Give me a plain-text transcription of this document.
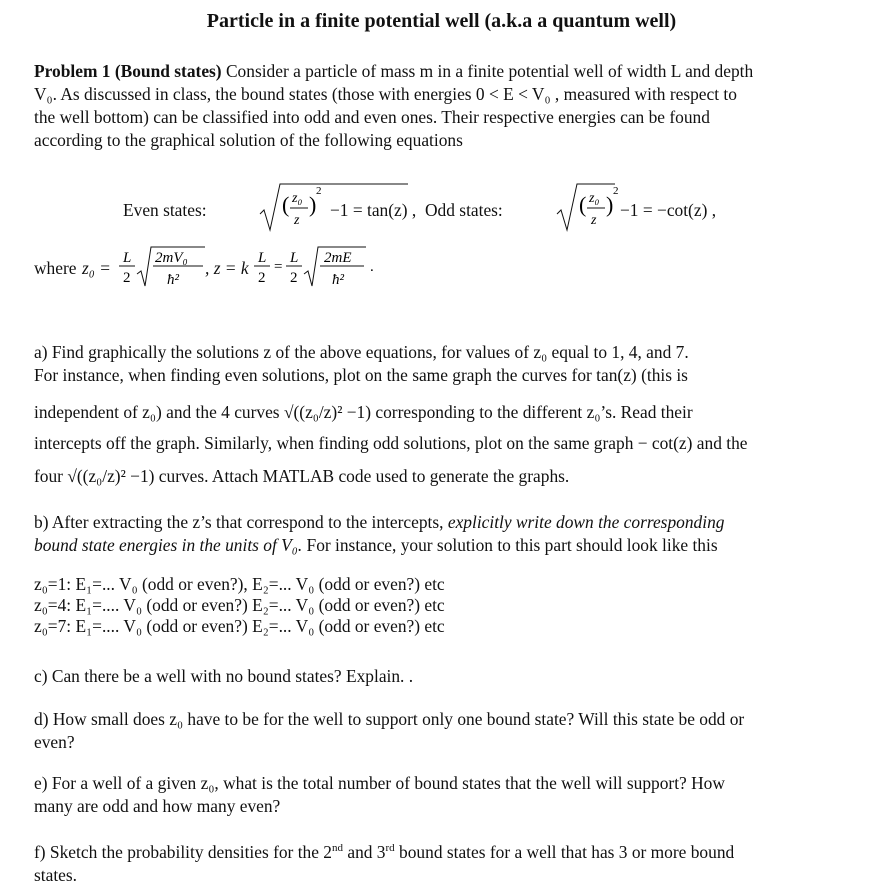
Particle in a finite potential well (a.k.a a quantum well)
Problem 1 (Bound states) Consider a particle of mass m in a finite potential well of width L and depth
V₀. As discussed in class, the bound states (those with energies 0 < E < V₀ , measured with respect to
the well bottom) can be classified into odd and even ones. Their respective energies can be found
according to the graphical solution of the following equations
Even states:	( z₀
z
)
2
−1 = tan(z) , Odd states:	( z₀
z
)
2
−1 = −cot(z) ,
where z₀ = L
2
2mV₀
ħ²
, z = k L
2
=
L
2
2mE
ħ²
.
a) Find graphically the solutions z of the above equations, for values of z₀ equal to 1, 4, and 7.
For instance, when finding even solutions, plot on the same graph the curves for tan(z) (this is
independent of z₀) and the 4 curves √((z₀/z)² −1) corresponding to the different z₀’s. Read their
intercepts off the graph. Similarly, when finding odd solutions, plot on the same graph − cot(z) and the
four √((z₀/z)² −1) curves. Attach MATLAB code used to generate the graphs.
b) After extracting the z’s that correspond to the intercepts, explicitly write down the corresponding
bound state energies in the units of V₀. For instance, your solution to this part should look like this
z₀=1: E₁=... V₀ (odd or even?), E₂=... V₀ (odd or even?) etc
z₀=4: E₁=.... V₀ (odd or even?) E₂=... V₀ (odd or even?) etc
z₀=7: E₁=.... V₀ (odd or even?) E₂=... V₀ (odd or even?) etc
c) Can there be a well with no bound states? Explain. .
d) How small does z₀ have to be for the well to support only one bound state? Will this state be odd or
even?
e) For a well of a given z₀, what is the total number of bound states that the well will support? How
many are odd and how many even?
f) Sketch the probability densities for the 2nd and 3rd bound states for a well that has 3 or more bound
states.
